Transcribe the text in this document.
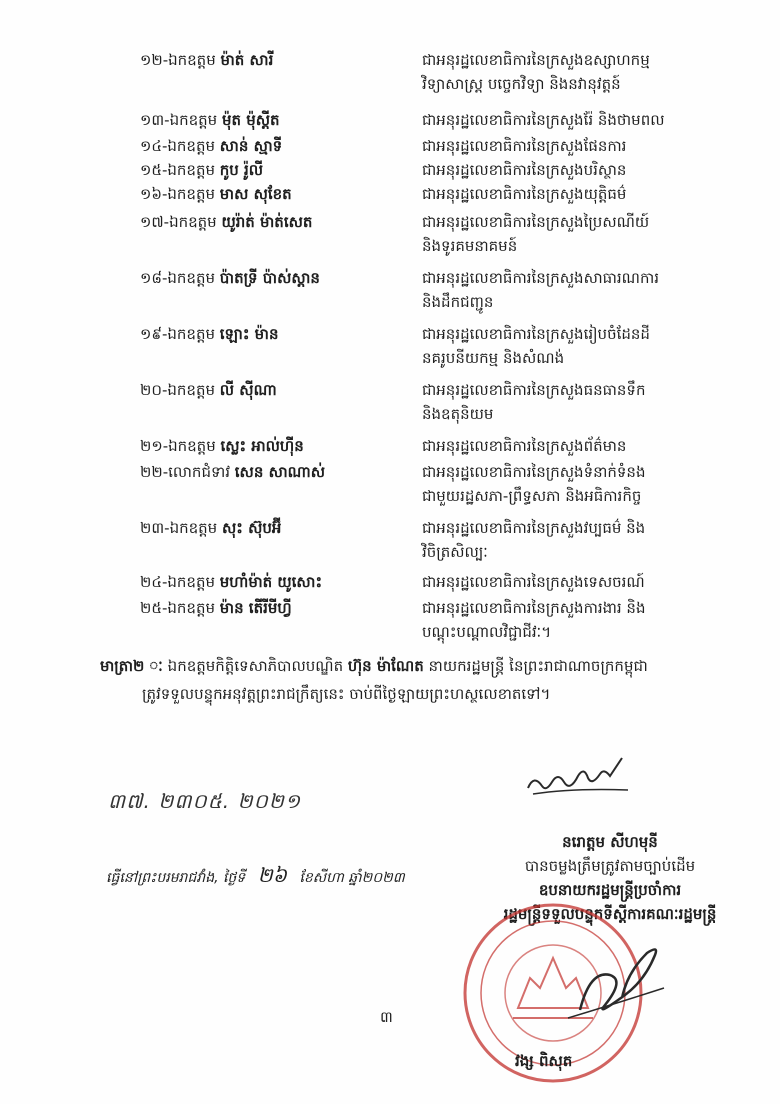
១២-ឯកឧត្តម ម៉ាត់ សារី	ជាអនុរដ្ឋលេខាធិការនៃក្រសួងឧស្សាហកម្ម
វិទ្យាសាស្ត្រ បច្ចេកវិទ្យា និងនវានុវត្តន៍
១៣-ឯកឧត្តម ម៉ុត ម៉ុស្តីត	ជាអនុរដ្ឋលេខាធិការនៃក្រសួងរ៉ែ និងថាមពល
១៤-ឯកឧត្តម សាន់ ស្មាទី	ជាអនុរដ្ឋលេខាធិការនៃក្រសួងផែនការ
១៥-ឯកឧត្តម កូប រ៉ូលី	ជាអនុរដ្ឋលេខាធិការនៃក្រសួងបរិស្ថាន
១៦-ឯកឧត្តម មាស សុខែត	ជាអនុរដ្ឋលេខាធិការនៃក្រសួងយុត្តិធម៌
១៧-ឯកឧត្តម យូរ៉ាត់ ម៉ាត់សេត	ជាអនុរដ្ឋលេខាធិការនៃក្រសួងប្រៃសណីយ៍
និងទូរគមនាគមន៍
១៨-ឯកឧត្តម ប៉ាតទ្រី ប៉ាស់ស្តាន	ជាអនុរដ្ឋលេខាធិការនៃក្រសួងសាធារណការ
និងដឹកជញ្ជូន
១៩-ឯកឧត្តម ឡោះ ម៉ាន	ជាអនុរដ្ឋលេខាធិការនៃក្រសួងរៀបចំដែនដី
នគរូបនីយកម្ម និងសំណង់
២០-ឯកឧត្តម លី ស៊ីណា	ជាអនុរដ្ឋលេខាធិការនៃក្រសួងធនធានទឹក
និងឧតុនិយម
២១-ឯកឧត្តម ស្លេះ អាល់ហ៊ីន	ជាអនុរដ្ឋលេខាធិការនៃក្រសួងព័ត៌មាន
២២-លោកជំទាវ សេន សាណាស់	ជាអនុរដ្ឋលេខាធិការនៃក្រសួងទំនាក់ទំនង
ជាមួយរដ្ឋសភា-ព្រឹទ្ធសភា និងអធិការកិច្ច
២៣-ឯកឧត្តម សុះ ស៊ុបអ៊ី	ជាអនុរដ្ឋលេខាធិការនៃក្រសួងវប្បធម៌ និង
វិចិត្រសិល្បៈ
២៤-ឯកឧត្តម មហាំម៉ាត់ យូសោះ	ជាអនុរដ្ឋលេខាធិការនៃក្រសួងទេសចរណ៍
២៥-ឯកឧត្តម ម៉ាន តើរីមីហ្វី	ជាអនុរដ្ឋលេខាធិការនៃក្រសួងការងារ និង
បណ្តុះបណ្តាលវិជ្ជាជីវៈ។
មាត្រា២ ៈ ឯកឧត្តមកិត្តិទេសាភិបាលបណ្ឌិត ហ៊ុន ម៉ាណែត នាយករដ្ឋមន្ត្រី នៃព្រះរាជាណាចក្រកម្ពុជា
ត្រូវទទួលបន្ទុកអនុវត្តព្រះរាជក្រឹត្យនេះ ចាប់ពីថ្ងៃឡាយព្រះហស្ថលេខាតទៅ។
៣៧. ២៣០៥. ២០២១
នរោត្តម សីហមុនី
បានចម្លងត្រឹមត្រូវតាមច្បាប់ដើម
ឧបនាយករដ្ឋមន្ត្រីប្រចាំការ
រដ្ឋមន្ត្រីទទួលបន្ទុកទីស្តីការគណៈរដ្ឋមន្ត្រី
ធ្វើនៅព្រះបរមរាជវាំង, ថ្ងៃទី ២៦ ខែសីហា ឆ្នាំ២០២៣
៣
វង្ស ពិសុត
